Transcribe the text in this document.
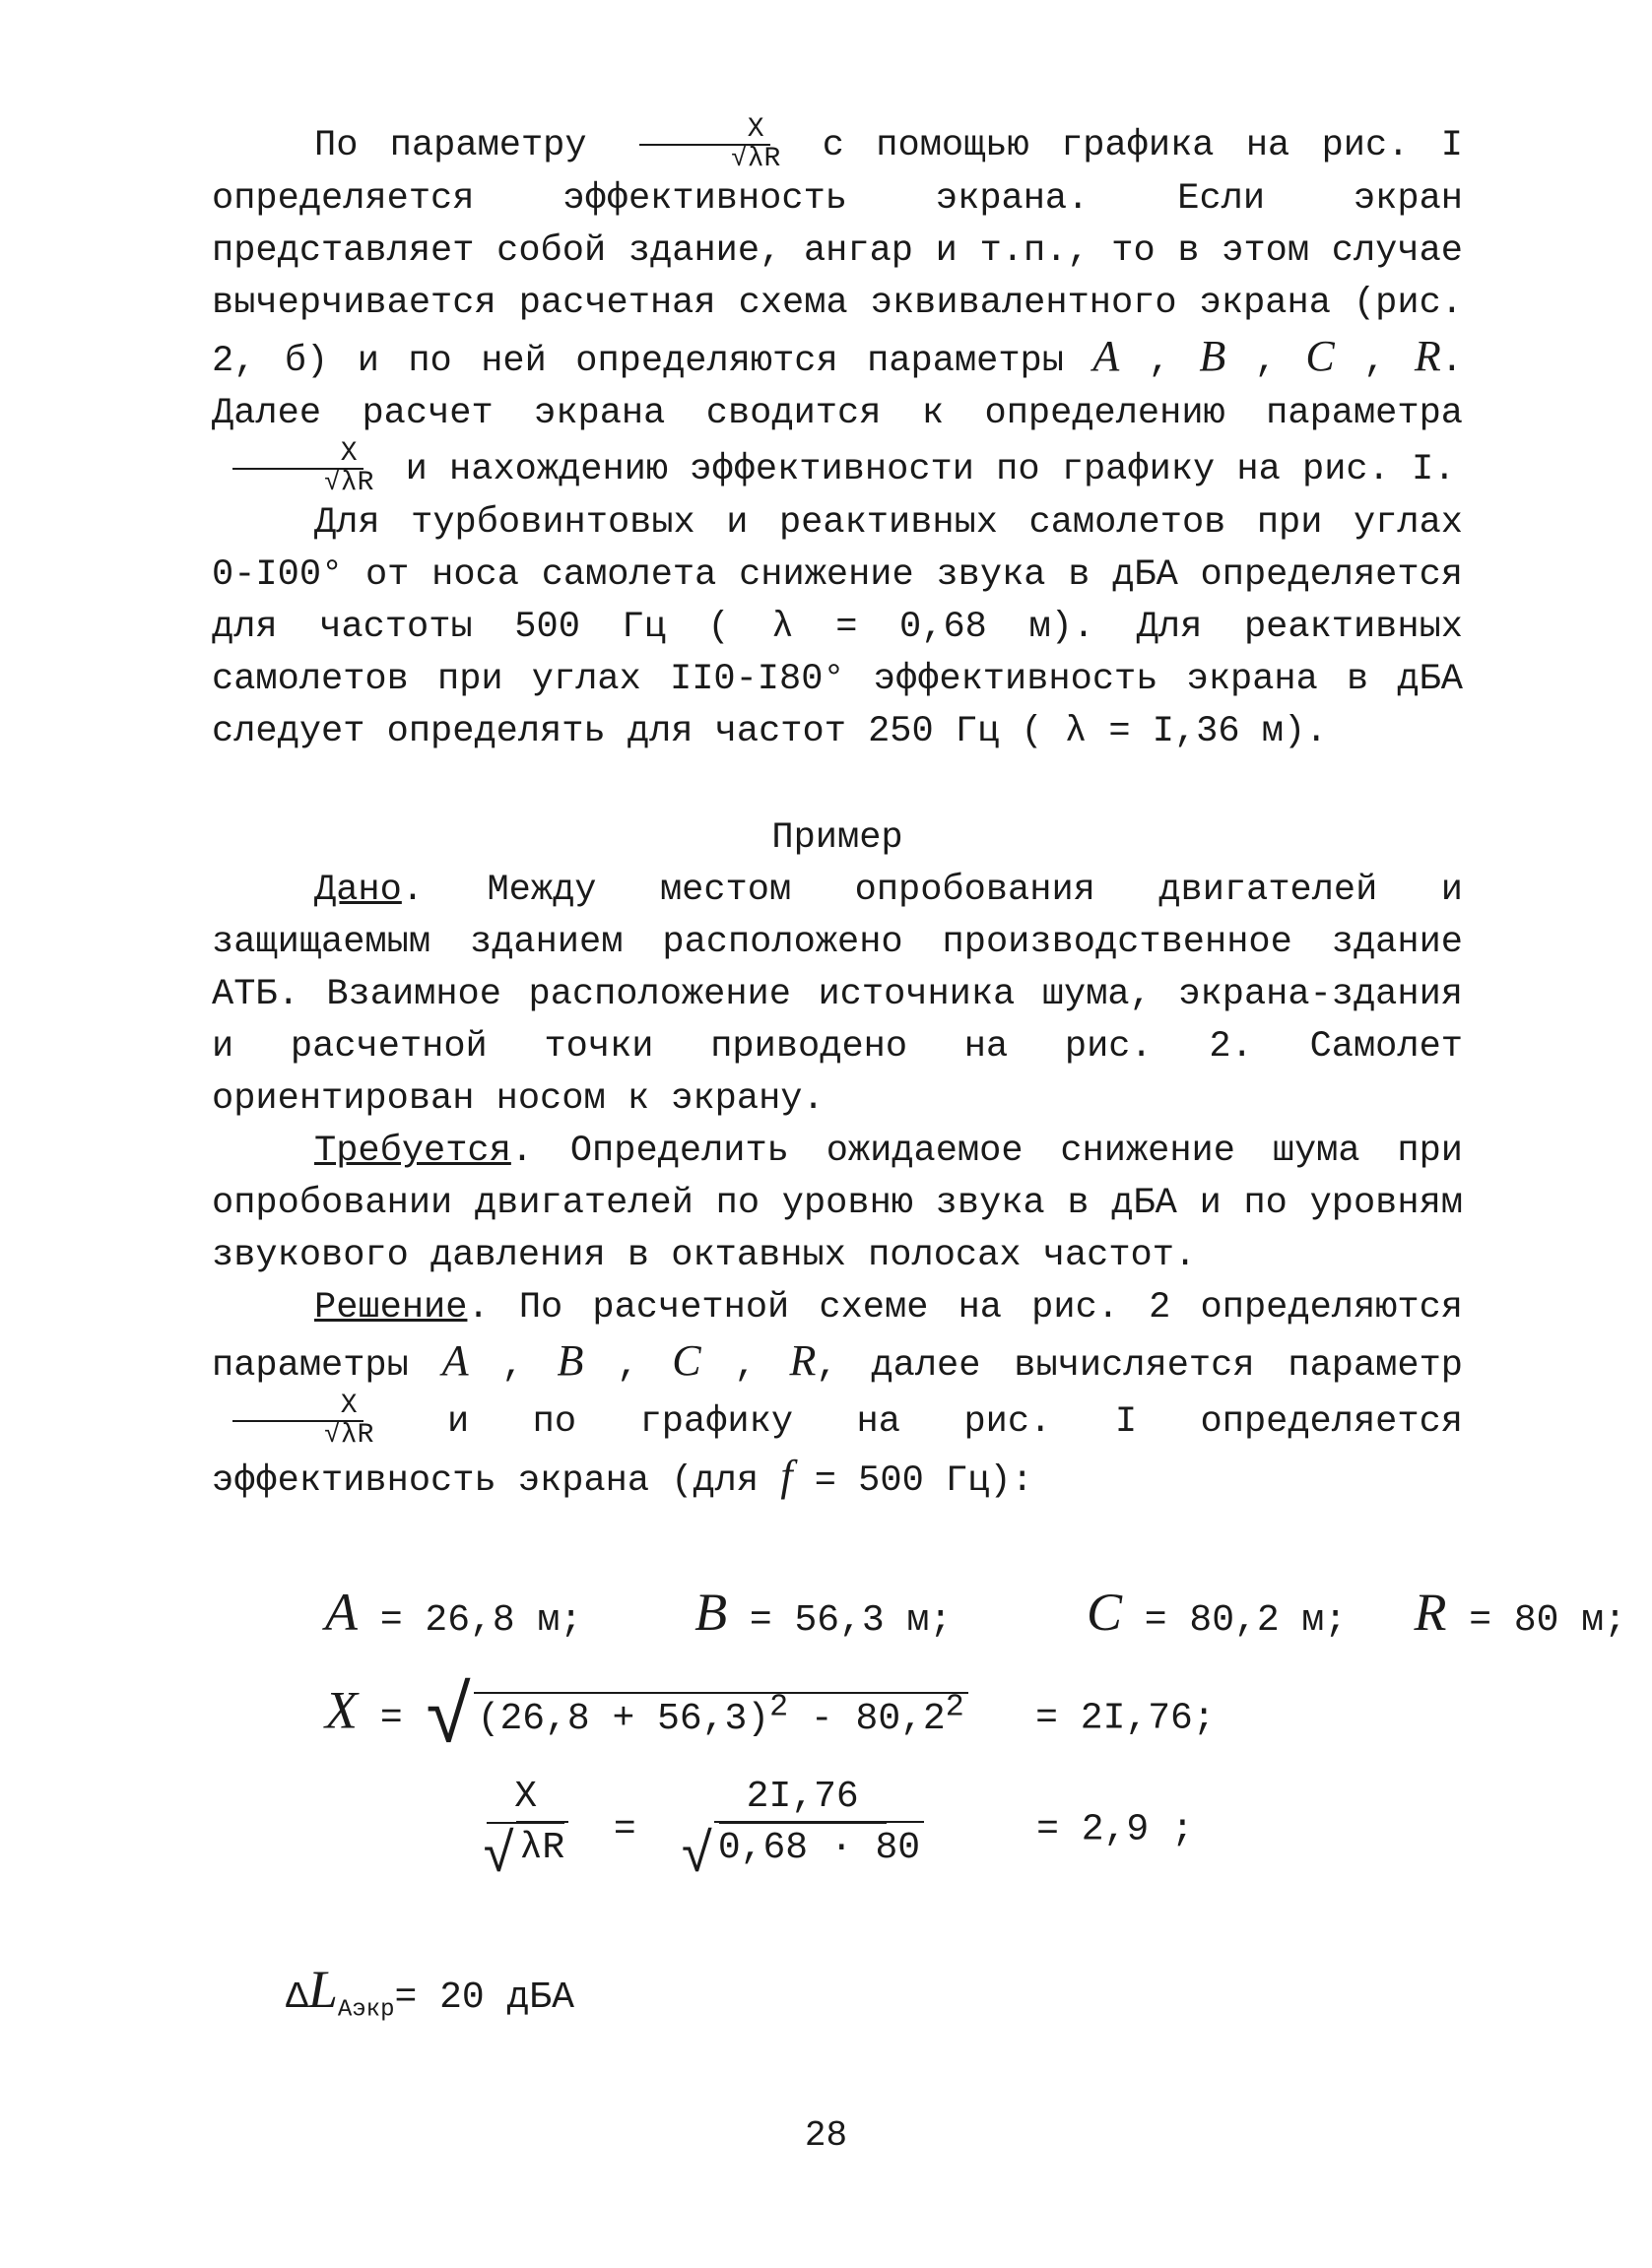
По параметру $\frac{X}{√\lambda R}$ с помощью графика на рис. I определяется эффективность экрана. Если экран представляет собой здание, ангар и т.п., то в этом случае вычерчивается расчетная схема эквивалентного экрана (рис. 2, б) и по ней определяются параметры A , B , C , R. Далее расчет экрана сводится к определению параметра
$\frac{X}{√\lambda R}$ и нахождению эффективности по графику на рис. I.

Для турбовинтовых и реактивных самолетов при углах 0-I00° от носа самолета снижение звука в дБА определяется для частоты 500 Гц ( λ = 0,68 м). Для реактивных самолетов при углах II0-I80° эффективность экрана в дБА следует определять для частот 250 Гц ( λ = I,36 м).

Пример

Дано. Между местом опробования двигателей и защищаемым зданием расположено производственное здание АТБ. Взаимное расположение источника шума, экрана-здания и расчетной точки приводено на рис. 2. Самолет ориентирован носом к экрану.

Требуется. Определить ожидаемое снижение шума при опробовании двигателей по уровню звука в дБА и по уровням звукового давления в октавных полосах частот.

Решение. По расчетной схеме на рис. 2 определяются параметры A , B , C , R, далее вычисляется параметр
$\frac{X}{√\lambda R}$ и по графику на рис. I определяется эффективность экрана (для f = 500 Гц):

A = 26,8 м; B = 56,3 м;	C = 80,2 м; R = 80 м;
X = √ $(26,8 + 56,3)^2 - 80,2^2 = 2I,76$;
$\frac{X}{√ \lambda R} = \frac{2I,76}{√ 0,68 \cdot 80}$	= 2,9 ;
$\Delta L_{Aэкр}= 20$ дБА
28
